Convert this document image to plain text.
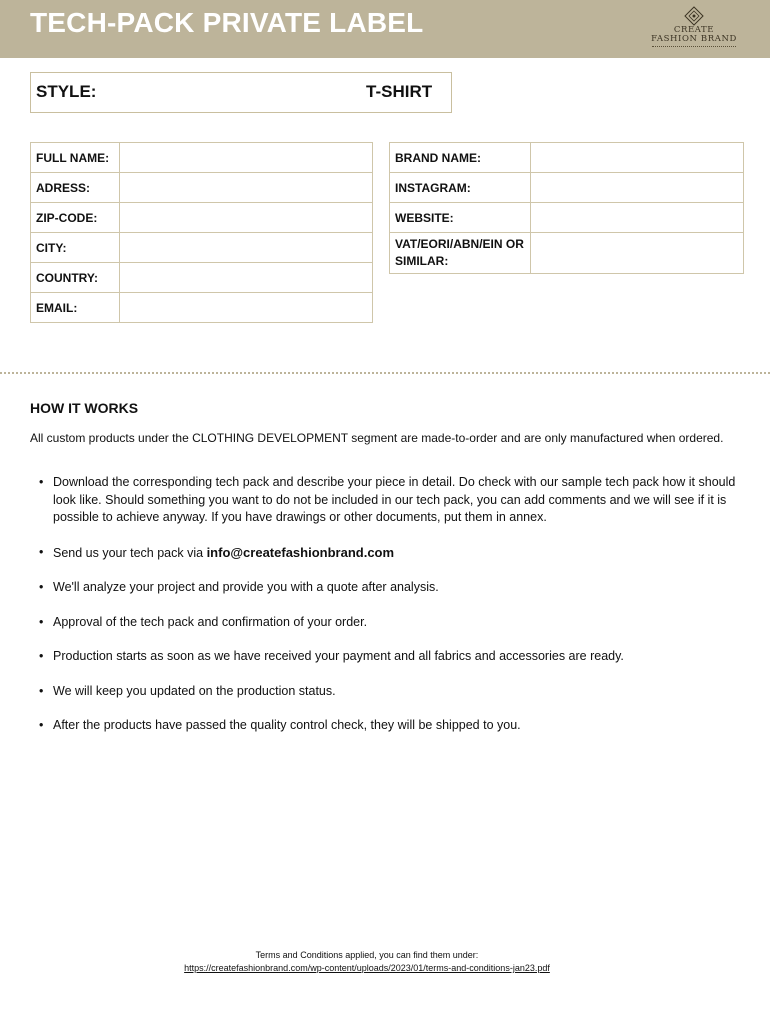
TECH-PACK PRIVATE LABEL	CREATE
FASHION BRAND
STYLE:	T-SHIRT
FULL NAME:	
ADRESS:	
ZIP-CODE:	
CITY:	
COUNTRY:	
EMAIL:	
BRAND NAME:	
INSTAGRAM:	
WEBSITE:	
VAT/EORI/ABN/EIN OR SIMILAR:	
HOW IT WORKS
All custom products under the CLOTHING DEVELOPMENT segment are made-to-order and are only manufactured when ordered.
• Download the corresponding tech pack and describe your piece in detail. Do check with our sample tech pack how it should look like. Should something you want to do not be included in our tech pack, you can add comments and we will see if it is possible to achieve anyway. If you have drawings or other documents, put them in annex.
• Send us your tech pack via info@createfashionbrand.com
• We'll analyze your project and provide you with a quote after analysis.
• Approval of the tech pack and confirmation of your order.
• Production starts as soon as we have received your payment and all fabrics and accessories are ready.
• We will keep you updated on the production status.
• After the products have passed the quality control check, they will be shipped to you.
Terms and Conditions applied, you can find them under:
https://createfashionbrand.com/wp-content/uploads/2023/01/terms-and-conditions-jan23.pdf
